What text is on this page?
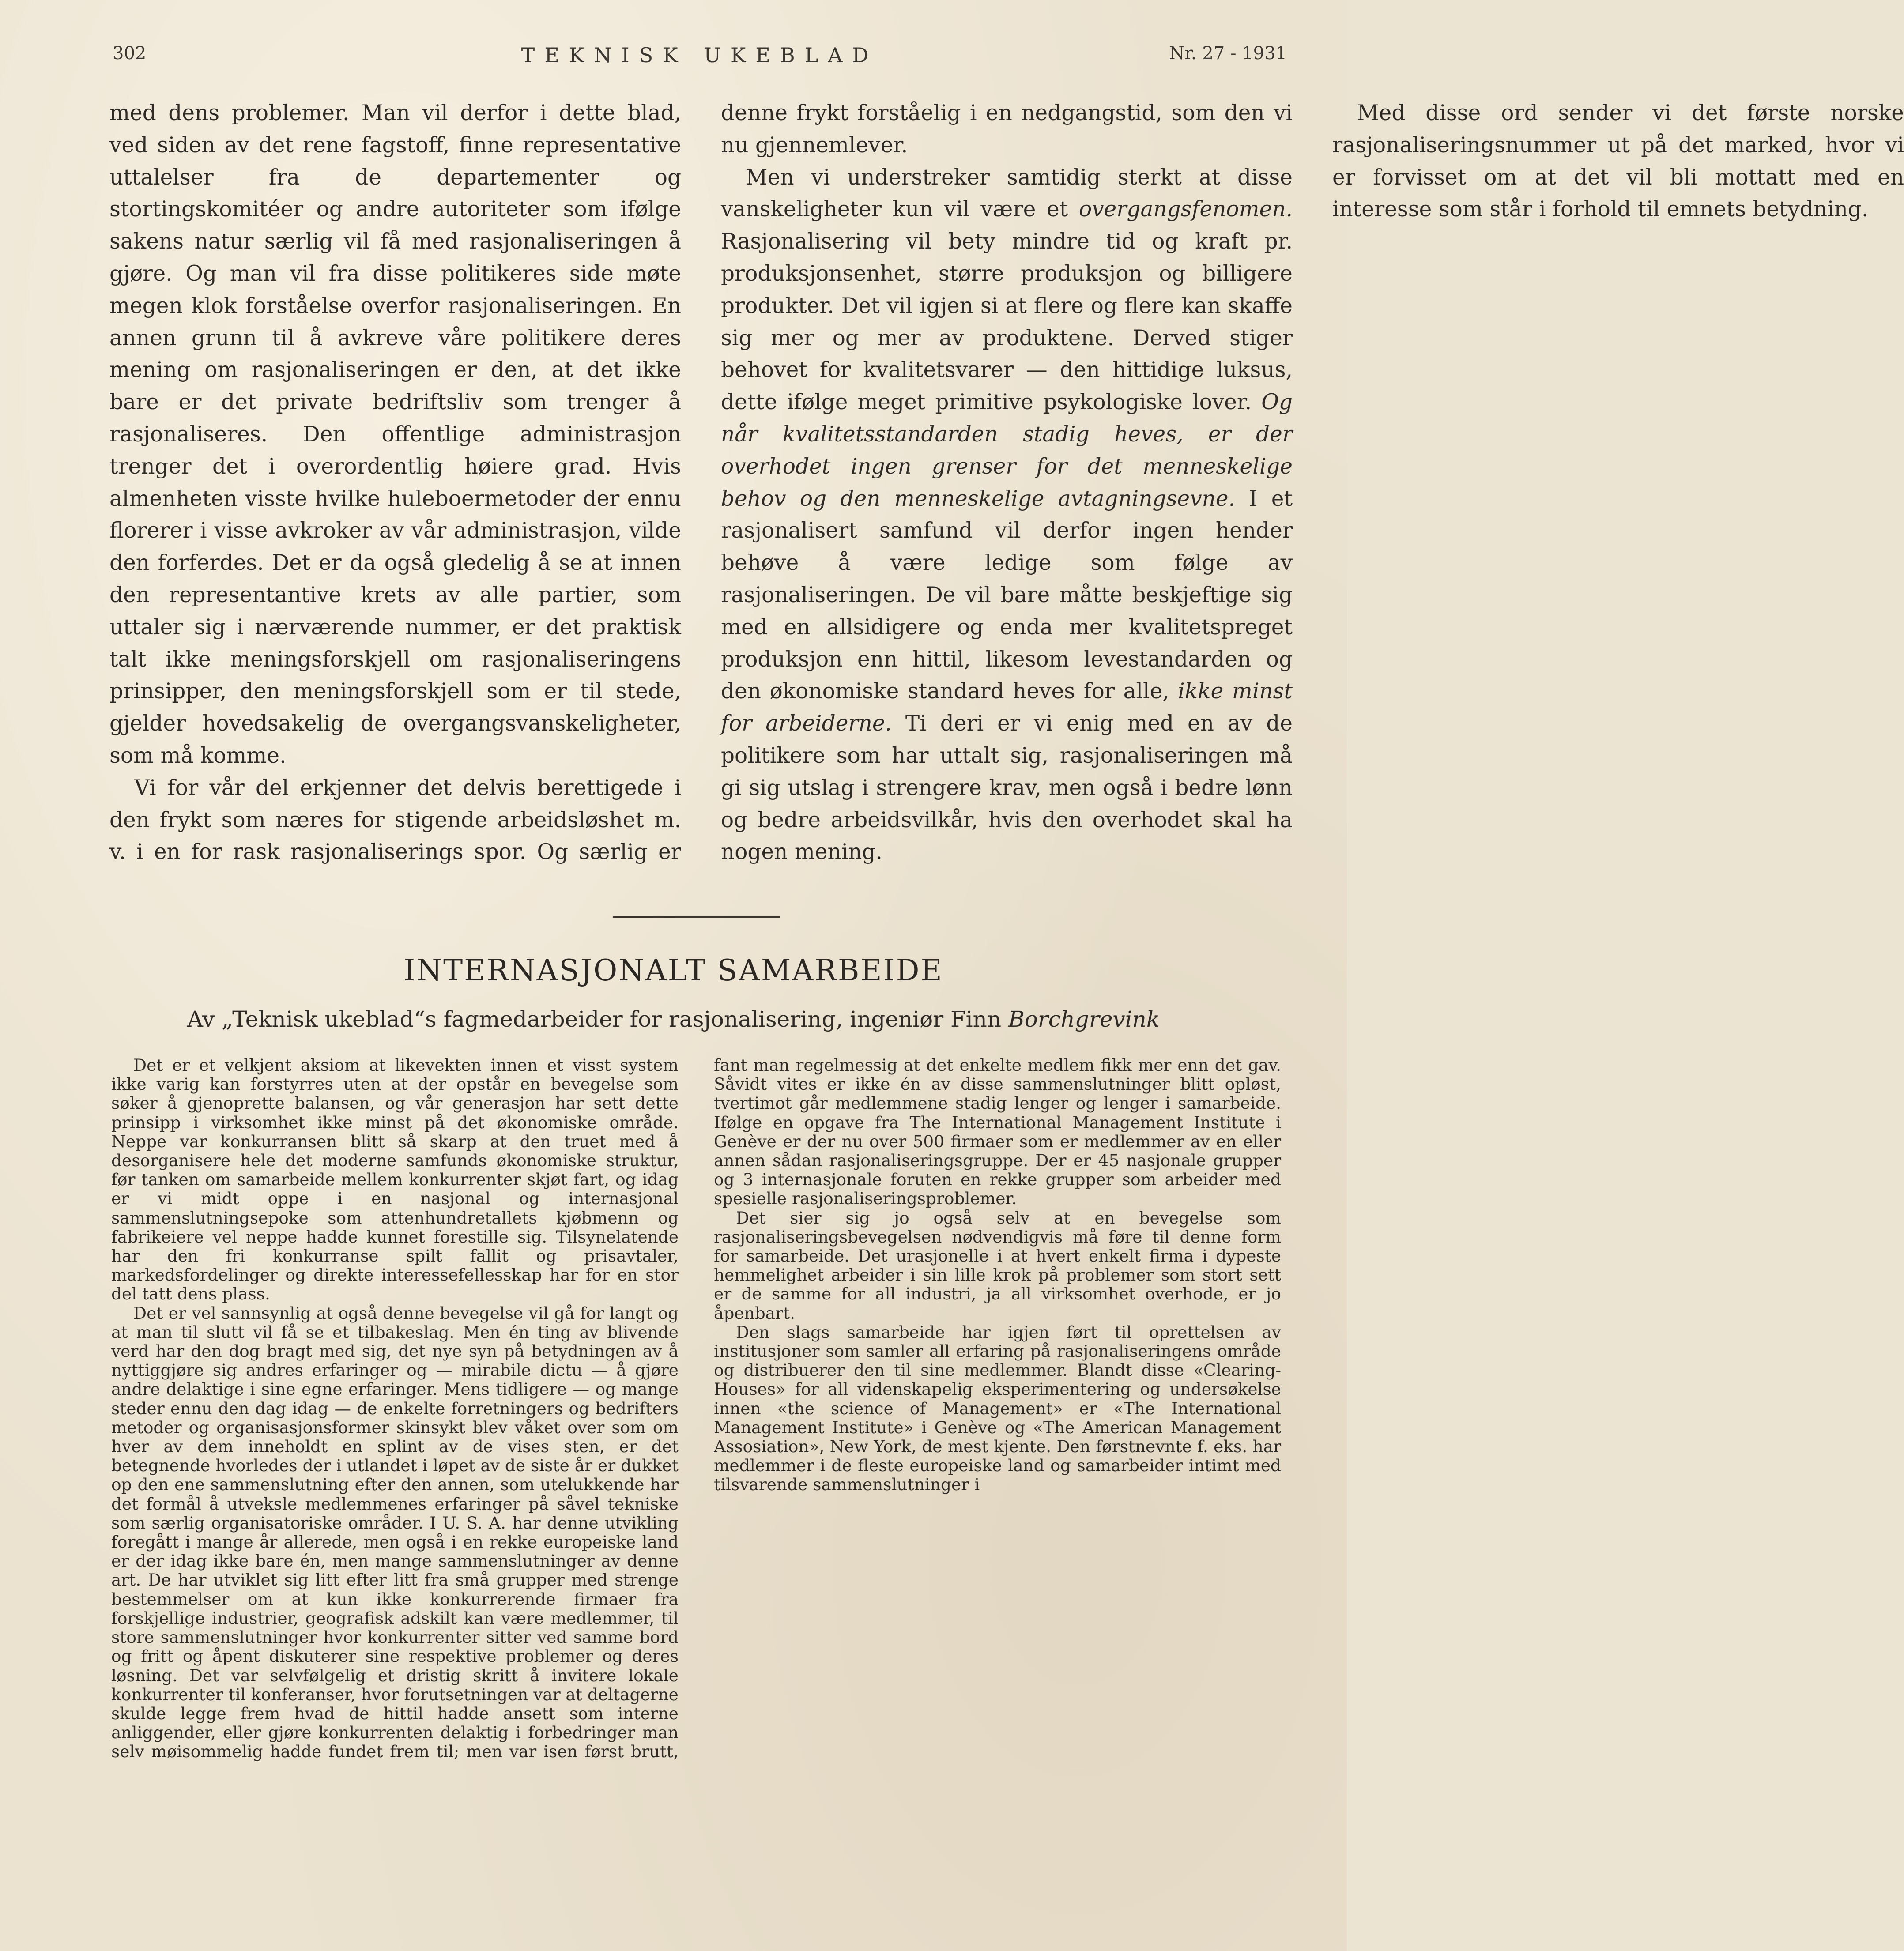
302	TEKNISK UKEBLAD	Nr. 27 - 1931

med dens problemer. Man vil derfor i dette blad, ved siden av det rene fagstoff, finne representative uttalelser fra de departementer og stortingskomitéer og andre autoriteter som ifølge sakens natur særlig vil få med rasjonaliseringen å gjøre. Og man vil fra disse politikeres side møte megen klok forståelse overfor rasjonaliseringen. En annen grunn til å avkreve våre politikere deres mening om rasjonaliseringen er den, at det ikke bare er det private bedriftsliv som trenger å rasjonaliseres. Den offentlige administrasjon trenger det i overordentlig høiere grad. Hvis almenheten visste hvilke huleboermetoder der ennu florerer i visse avkroker av vår administrasjon, vilde den forferdes. Det er da også gledelig å se at innen den representantive krets av alle partier, som uttaler sig i nærværende nummer, er det praktisk talt ikke meningsforskjell om rasjonaliseringens prinsipper, den meningsforskjell som er til stede, gjelder hovedsakelig de overgangsvanskeligheter, som må komme.

Vi for vår del erkjenner det delvis berettigede i den frykt som næres for stigende arbeidsløshet m. v. i en for rask rasjonaliserings spor. Og særlig er denne frykt forståelig i en nedgangstid, som den vi nu gjennemlever.

Men vi understreker samtidig sterkt at disse vanskeligheter kun vil være et overgangsfenomen. Rasjonalisering vil bety mindre tid og kraft pr. produksjonsenhet, større produksjon og billigere produkter. Det vil igjen si at flere og flere kan skaffe sig mer og mer av produktene. Derved stiger behovet for kvalitetsvarer — den hittidige luksus, dette ifølge meget primitive psykologiske lover. Og når kvalitetsstandarden stadig heves, er der overhodet ingen grenser for det menneskelige behov og den menneskelige avtagningsevne. I et rasjonalisert samfund vil derfor ingen hender behøve å være ledige som følge av rasjonaliseringen. De vil bare måtte beskjeftige sig med en allsidigere og enda mer kvalitetspreget produksjon enn hittil, likesom levestandarden og den økonomiske standard heves for alle, ikke minst for arbeiderne. Ti deri er vi enig med en av de politikere som har uttalt sig, rasjonaliseringen må gi sig utslag i strengere krav, men også i bedre lønn og bedre arbeidsvilkår, hvis den overhodet skal ha nogen mening.

Med disse ord sender vi det første norske rasjonaliseringsnummer ut på det marked, hvor vi er forvisset om at det vil bli mottatt med en interesse som står i forhold til emnets betydning.

INTERNASJONALT SAMARBEIDE
Av „Teknisk ukeblad“s fagmedarbeider for rasjonalisering, ingeniør Finn Borchgrevink

Det er et velkjent aksiom at likevekten innen et visst system ikke varig kan forstyrres uten at der opstår en bevegelse som søker å gjenoprette balansen, og vår generasjon har sett dette prinsipp i virksomhet ikke minst på det økonomiske område. Neppe var konkurransen blitt så skarp at den truet med å desorganisere hele det moderne samfunds økonomiske struktur, før tanken om samarbeide mellem konkurrenter skjøt fart, og idag er vi midt oppe i en nasjonal og internasjonal sammenslutningsepoke som attenhundretallets kjøbmenn og fabrikeiere vel neppe hadde kunnet forestille sig. Tilsynelatende har den fri konkurranse spilt fallit og prisavtaler, markedsfordelinger og direkte interessefellesskap har for en stor del tatt dens plass.

Det er vel sannsynlig at også denne bevegelse vil gå for langt og at man til slutt vil få se et tilbakeslag. Men én ting av blivende verd har den dog bragt med sig, det nye syn på betydningen av å nyttiggjøre sig andres erfaringer og — mirabile dictu — å gjøre andre delaktige i sine egne erfaringer. Mens tidligere — og mange steder ennu den dag idag — de enkelte forretningers og bedrifters metoder og organisasjonsformer skinsykt blev våket over som om hver av dem inneholdt en splint av de vises sten, er det betegnende hvorledes der i utlandet i løpet av de siste år er dukket op den ene sammenslutning efter den annen, som utelukkende har det formål å utveksle medlemmenes erfaringer på såvel tekniske som særlig organisatoriske områder. I U. S. A. har denne utvikling foregått i mange år allerede, men også i en rekke europeiske land er der idag ikke bare én, men mange sammenslutninger av denne art. De har utviklet sig litt efter litt fra små grupper med strenge bestemmelser om at kun ikke konkurrerende firmaer fra forskjellige industrier, geografisk adskilt kan være medlemmer, til store sammenslutninger hvor konkurrenter sitter ved samme bord og fritt og åpent diskuterer sine respektive problemer og deres løsning. Det var selvfølgelig et dristig skritt å invitere lokale konkurrenter til konferanser, hvor forutsetningen var at deltagerne skulde legge frem hvad de hittil hadde ansett som interne anliggender, eller gjøre konkurrenten delaktig i forbedringer man selv møisommelig hadde fundet frem til; men var isen først brutt, fant man regelmessig at det enkelte medlem fikk mer enn det gav. Såvidt vites er ikke én av disse sammenslutninger blitt opløst, tvertimot går medlemmene stadig lenger og lenger i samarbeide. Ifølge en opgave fra The International Management Institute i Genève er der nu over 500 firmaer som er medlemmer av en eller annen sådan rasjonaliseringsgruppe. Der er 45 nasjonale grupper og 3 internasjonale foruten en rekke grupper som arbeider med spesielle rasjonaliseringsproblemer.

Det sier sig jo også selv at en bevegelse som rasjonaliseringsbevegelsen nødvendigvis må føre til denne form for samarbeide. Det urasjonelle i at hvert enkelt firma i dypeste hemmelighet arbeider i sin lille krok på problemer som stort sett er de samme for all industri, ja all virksomhet overhode, er jo åpenbart.

Den slags samarbeide har igjen ført til oprettelsen av institusjoner som samler all erfaring på rasjonaliseringens område og distribuerer den til sine medlemmer. Blandt disse «Clearing-Houses» for all videnskapelig eksperimentering og undersøkelse innen «the science of Management» er «The International Management Institute» i Genève og «The American Management Assosiation», New York, de mest kjente. Den førstnevnte f. eks. har medlemmer i de fleste europeiske land og samarbeider intimt med tilsvarende sammenslutninger i
